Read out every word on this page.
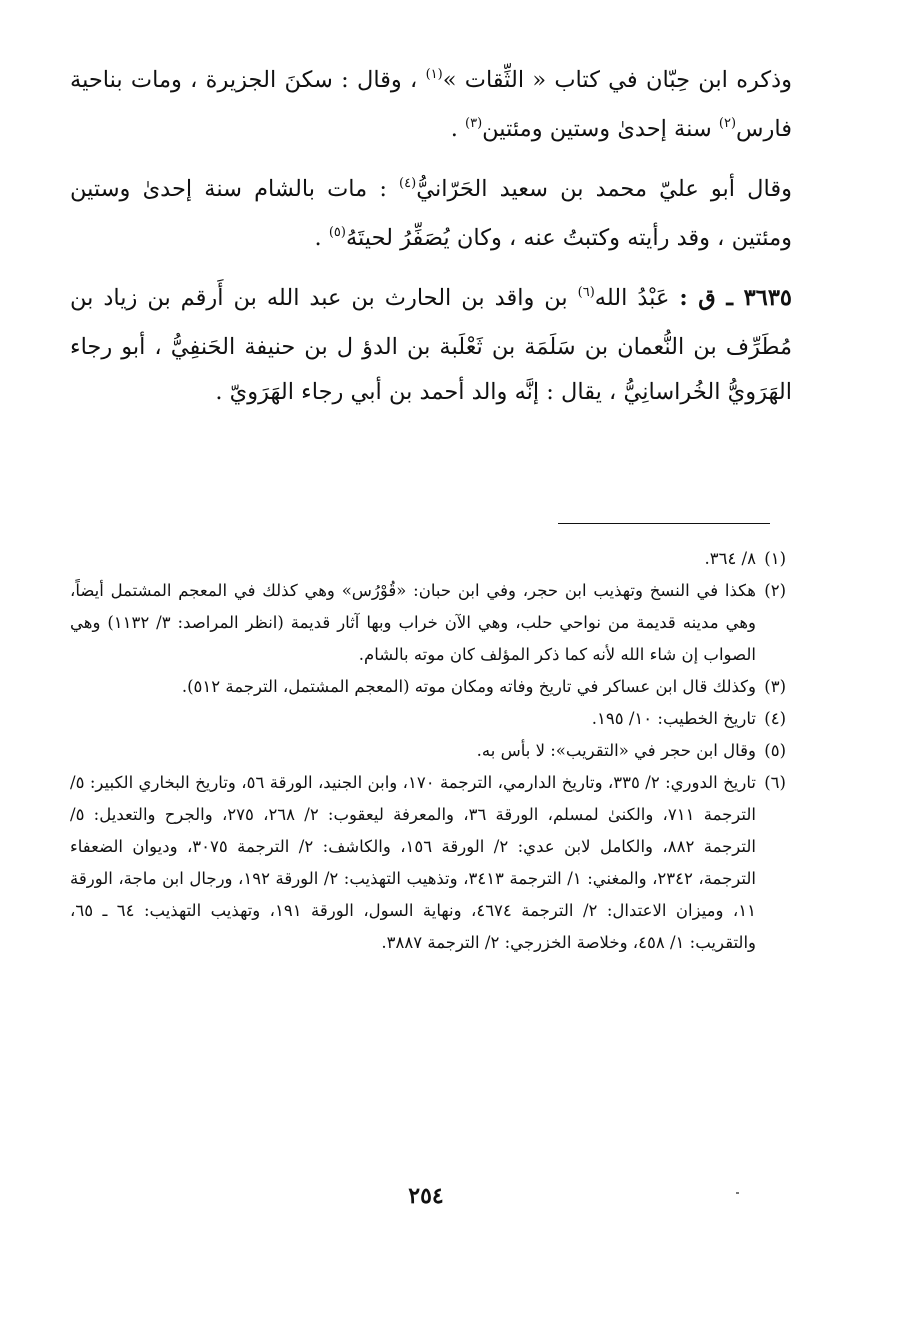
وذكره ابن حِبّان في كتاب « الثِّقات »$^{(١)}$ ، وقال : سكنَ الجزيرة ، ومات بناحية فارس$^{(٢)}$ سنة إحدىٰ وستين ومئتين$^{(٣)}$ .

وقال أبو عليّ محمد بن سعيد الحَرّانيُّ$^{(٤)}$ : مات بالشام سنة إحدىٰ وستين ومئتين ، وقد رأيته وكتبتُ عنه ، وكان يُصَفِّرُ لحيتَهُ$^{(٥)}$ .

٣٦٣٥ ـ ق : عَبْدُ الله$^{(٦)}$ بن واقد بن الحارث بن عبد الله بن أَرقم بن زياد بن مُطَرِّف بن النُّعمان بن سَلَمَة بن ثَعْلَبة بن الدؤ ل بن حنيفة الحَنفِيُّ ، أبو رجاء الهَرَويُّ الخُراسانِيُّ ، يقال : إنَّه والد أحمد بن أبي رجاء الهَرَويّ .

(١)٨/ ٣٦٤.

(٢)هكذا في النسخ وتهذيب ابن حجر، وفي ابن حبان: «قُوْرُس» وهي كذلك في المعجم المشتمل أيضاً، وهي مدينه قديمة من نواحي حلب، وهي الآن خراب وبها آثار قديمة (انظر المراصد: ٣/ ١١٣٢) وهي الصواب إن شاء الله لأنه كما ذكر المؤلف كان موته بالشام.

(٣)وكذلك قال ابن عساكر في تاريخ وفاته ومكان موته (المعجم المشتمل، الترجمة ٥١٢).

(٤)تاريخ الخطيب: ١٠/ ١٩٥.

(٥)وقال ابن حجر في «التقريب»: لا بأس به.

(٦)تاريخ الدوري: ٢/ ٣٣٥، وتاريخ الدارمي، الترجمة ١٧٠، وابن الجنيد، الورقة ٥٦، وتاريخ البخاري الكبير: ٥/ الترجمة ٧١١، والكنىٰ لمسلم، الورقة ٣٦، والمعرفة ليعقوب: ٢/ ٢٦٨، ٢٧٥، والجرح والتعديل: ٥/ الترجمة ٨٨٢، والكامل لابن عدي: ٢/ الورقة ١٥٦، والكاشف: ٢/ الترجمة ٣٠٧٥، وديوان الضعفاء الترجمة، ٢٣٤٢، والمغني: ١/ الترجمة ٣٤١٣، وتذهيب التهذيب: ٢/ الورقة ١٩٢، ورجال ابن ماجة، الورقة ١١، وميزان الاعتدال: ٢/ الترجمة ٤٦٧٤، ونهاية السول، الورقة ١٩١، وتهذيب التهذيب: ٦٤ ـ ٦٥، والتقريب: ١/ ٤٥٨، وخلاصة الخزرجي: ٢/ الترجمة ٣٨٨٧.

٢٥٤
